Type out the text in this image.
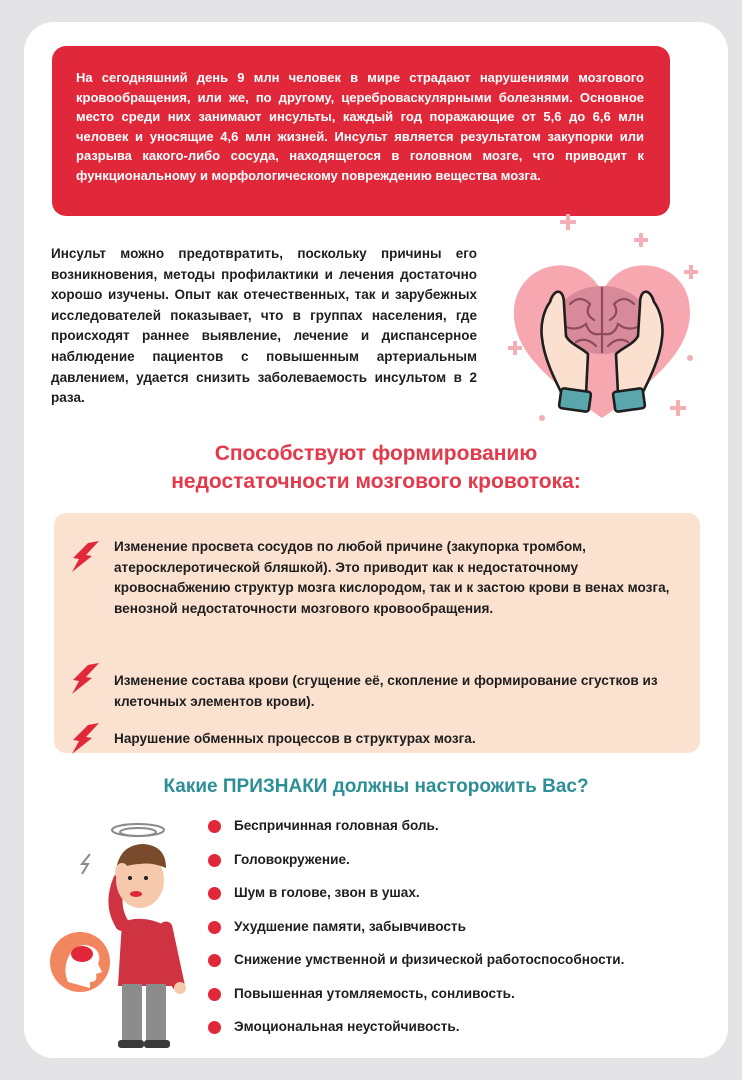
На сегодняшний день 9 млн человек в мире страдают нарушениями мозгового кровообращения, или же, по другому, цереброваскулярными болезнями. Основное место среди них занимают инсульты, каждый год поражающие от 5,6 до 6,6 млн человек и уносящие 4,6 млн жизней. Инсульт является результатом закупорки или разрыва какого-либо сосуда, находящегося в головном мозге, что приводит к функциональному и морфологическому повреждению вещества мозга.
Инсульт можно предотвратить, поскольку причины его возникновения, методы профилактики и лечения достаточно хорошо изучены. Опыт как отечественных, так и зарубежных исследователей показывает, что в группах населения, где происходят раннее выявление, лечение и диспансерное наблюдение пациентов с повышенным артериальным давлением, удается снизить заболеваемость инсультом в 2 раза.
Способствуют формированию
недостаточности мозгового кровотока:
Изменение просвета сосудов по любой причине (закупорка тромбом, атеросклеротической бляшкой). Это приводит как к недостаточному кровоснабжению структур мозга кислородом, так и к застою крови в венах мозга, венозной недостаточности мозгового кровообращения.
Изменение состава крови (сгущение её, скопление и формирование сгустков из клеточных элементов крови).
Нарушение обменных процессов в структурах мозга.
Какие ПРИЗНАКИ должны насторожить Вас?
Беспричинная головная боль.
Головокружение.
Шум в голове, звон в ушах.
Ухудшение памяти, забывчивость
Снижение умственной и физической работоспособности.
Повышенная утомляемость, сонливость.
Эмоциональная неустойчивость.
